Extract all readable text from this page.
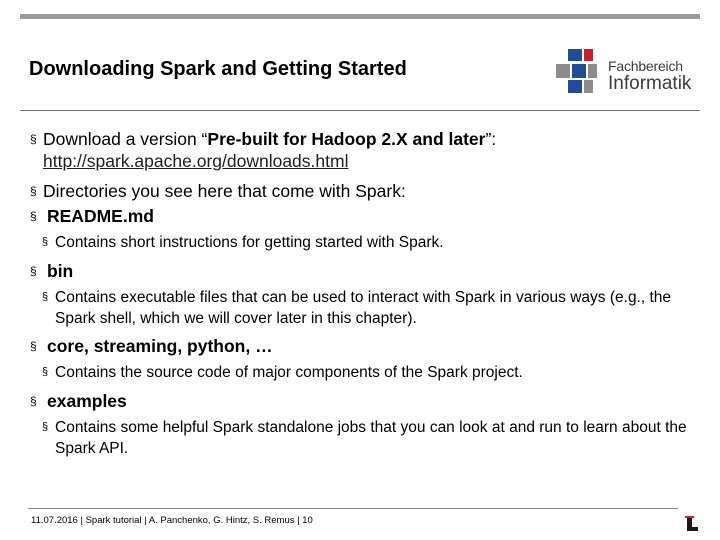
Downloading Spark and Getting Started	Fachbereich
Informatik
§ Download a version “Pre-built for Hadoop 2.X and later”:
http://spark.apache.org/downloads.html
§ Directories you see here that come with Spark:
§ README.md
§ Contains short instructions for getting started with Spark.
§ bin
§ Contains executable files that can be used to interact with Spark in various ways (e.g., the Spark shell, which we will cover later in this chapter).
§ core, streaming, python, …
§ Contains the source code of major components of the Spark project.
§ examples
§ Contains some helpful Spark standalone jobs that you can look at and run to learn about the Spark API.
11.07.2016 | Spark tutorial | A. Panchenko, G. Hintz, S. Remus | 10
